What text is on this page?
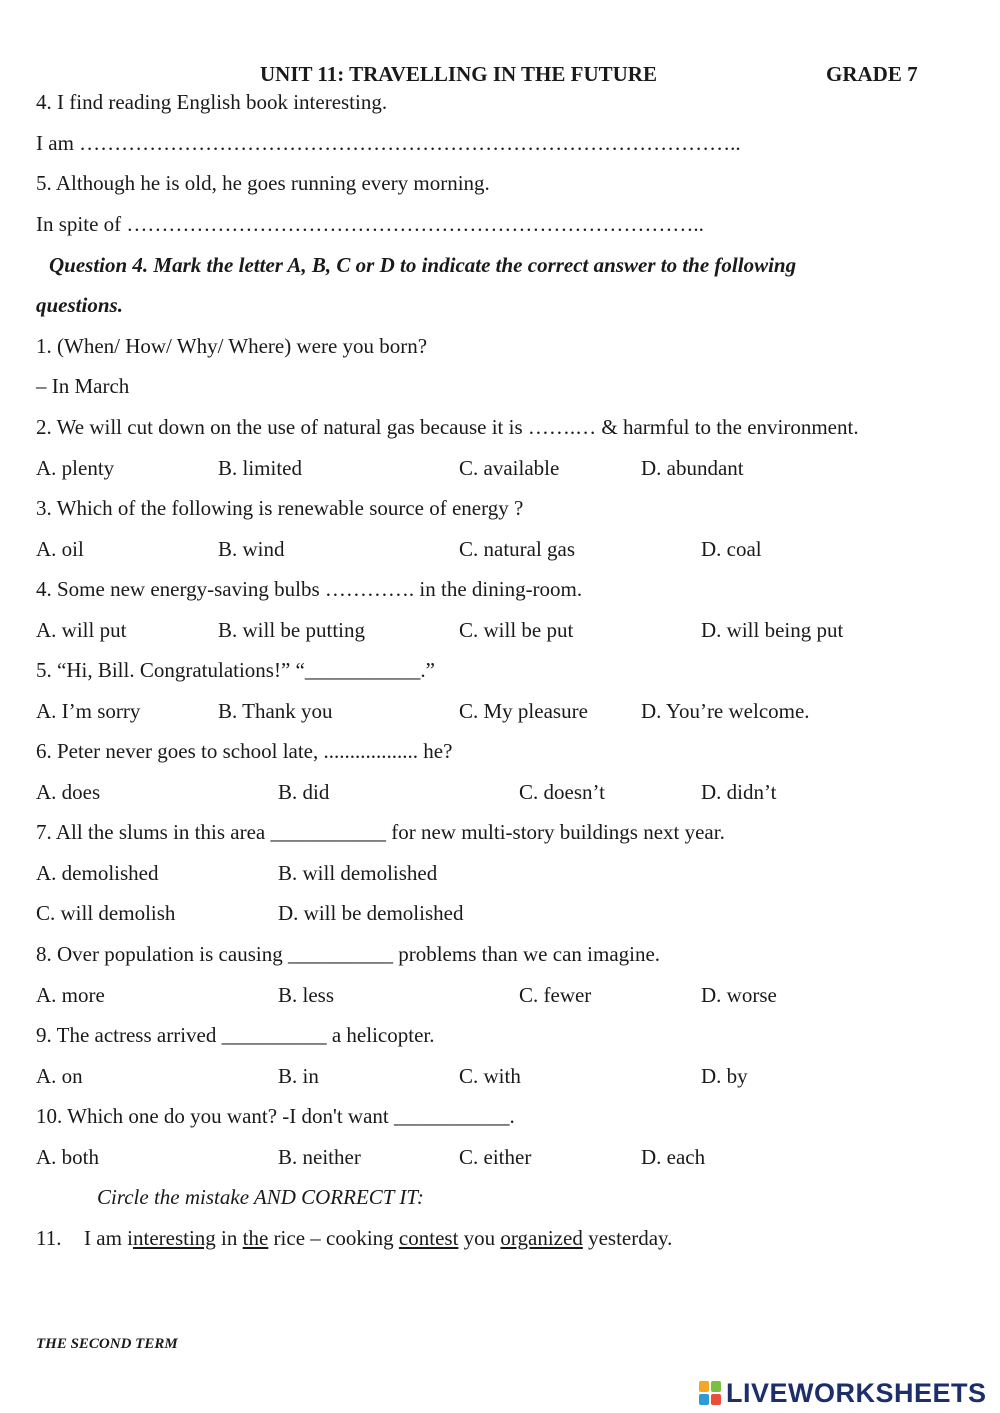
UNIT 11: TRAVELLING IN THE FUTURE	GRADE 7
4. I find reading English book interesting.
I am …………………………………………………………………………………..
5. Although he is old, he goes running every morning.
In spite of ………………………………………………………………………..
Question 4. Mark the letter A, B, C or D to indicate the correct answer to the following
questions.
1. (When/ How/ Why/ Where) were you born?
– In March
2. We will cut down on the use of natural gas because it is …….… & harmful to the environment.
A. plenty	B. limited	C. available	D. abundant
3. Which of the following is renewable source of energy ?
A. oil	B. wind	C. natural gas	D. coal
4. Some new energy-saving bulbs …………. in the dining-room.
A. will put	B. will be putting	C. will be put	D. will being put
5. “Hi, Bill. Congratulations!” “___________.”
A. I’m sorry	B. Thank you	C. My pleasure	D. You’re welcome.
6. Peter never goes to school late, .................. he?
A. does	B. did	C. doesn’t	D. didn’t
7. All the slums in this area ___________ for new multi-story buildings next year.
A. demolished	B. will demolished
C. will demolish	D. will be demolished
8. Over population is causing __________ problems than we can imagine.
A. more	B. less	C. fewer	D. worse
9. The actress arrived __________ a helicopter.
A. on	B. in	C. with	D. by
10. Which one do you want? -I don't want ___________.
A. both	B. neither	C. either	D. each
Circle the mistake AND CORRECT IT:
11. I am interesting in the rice – cooking contest you organized yesterday.
THE SECOND TERM
LIVEWORKSHEETS
